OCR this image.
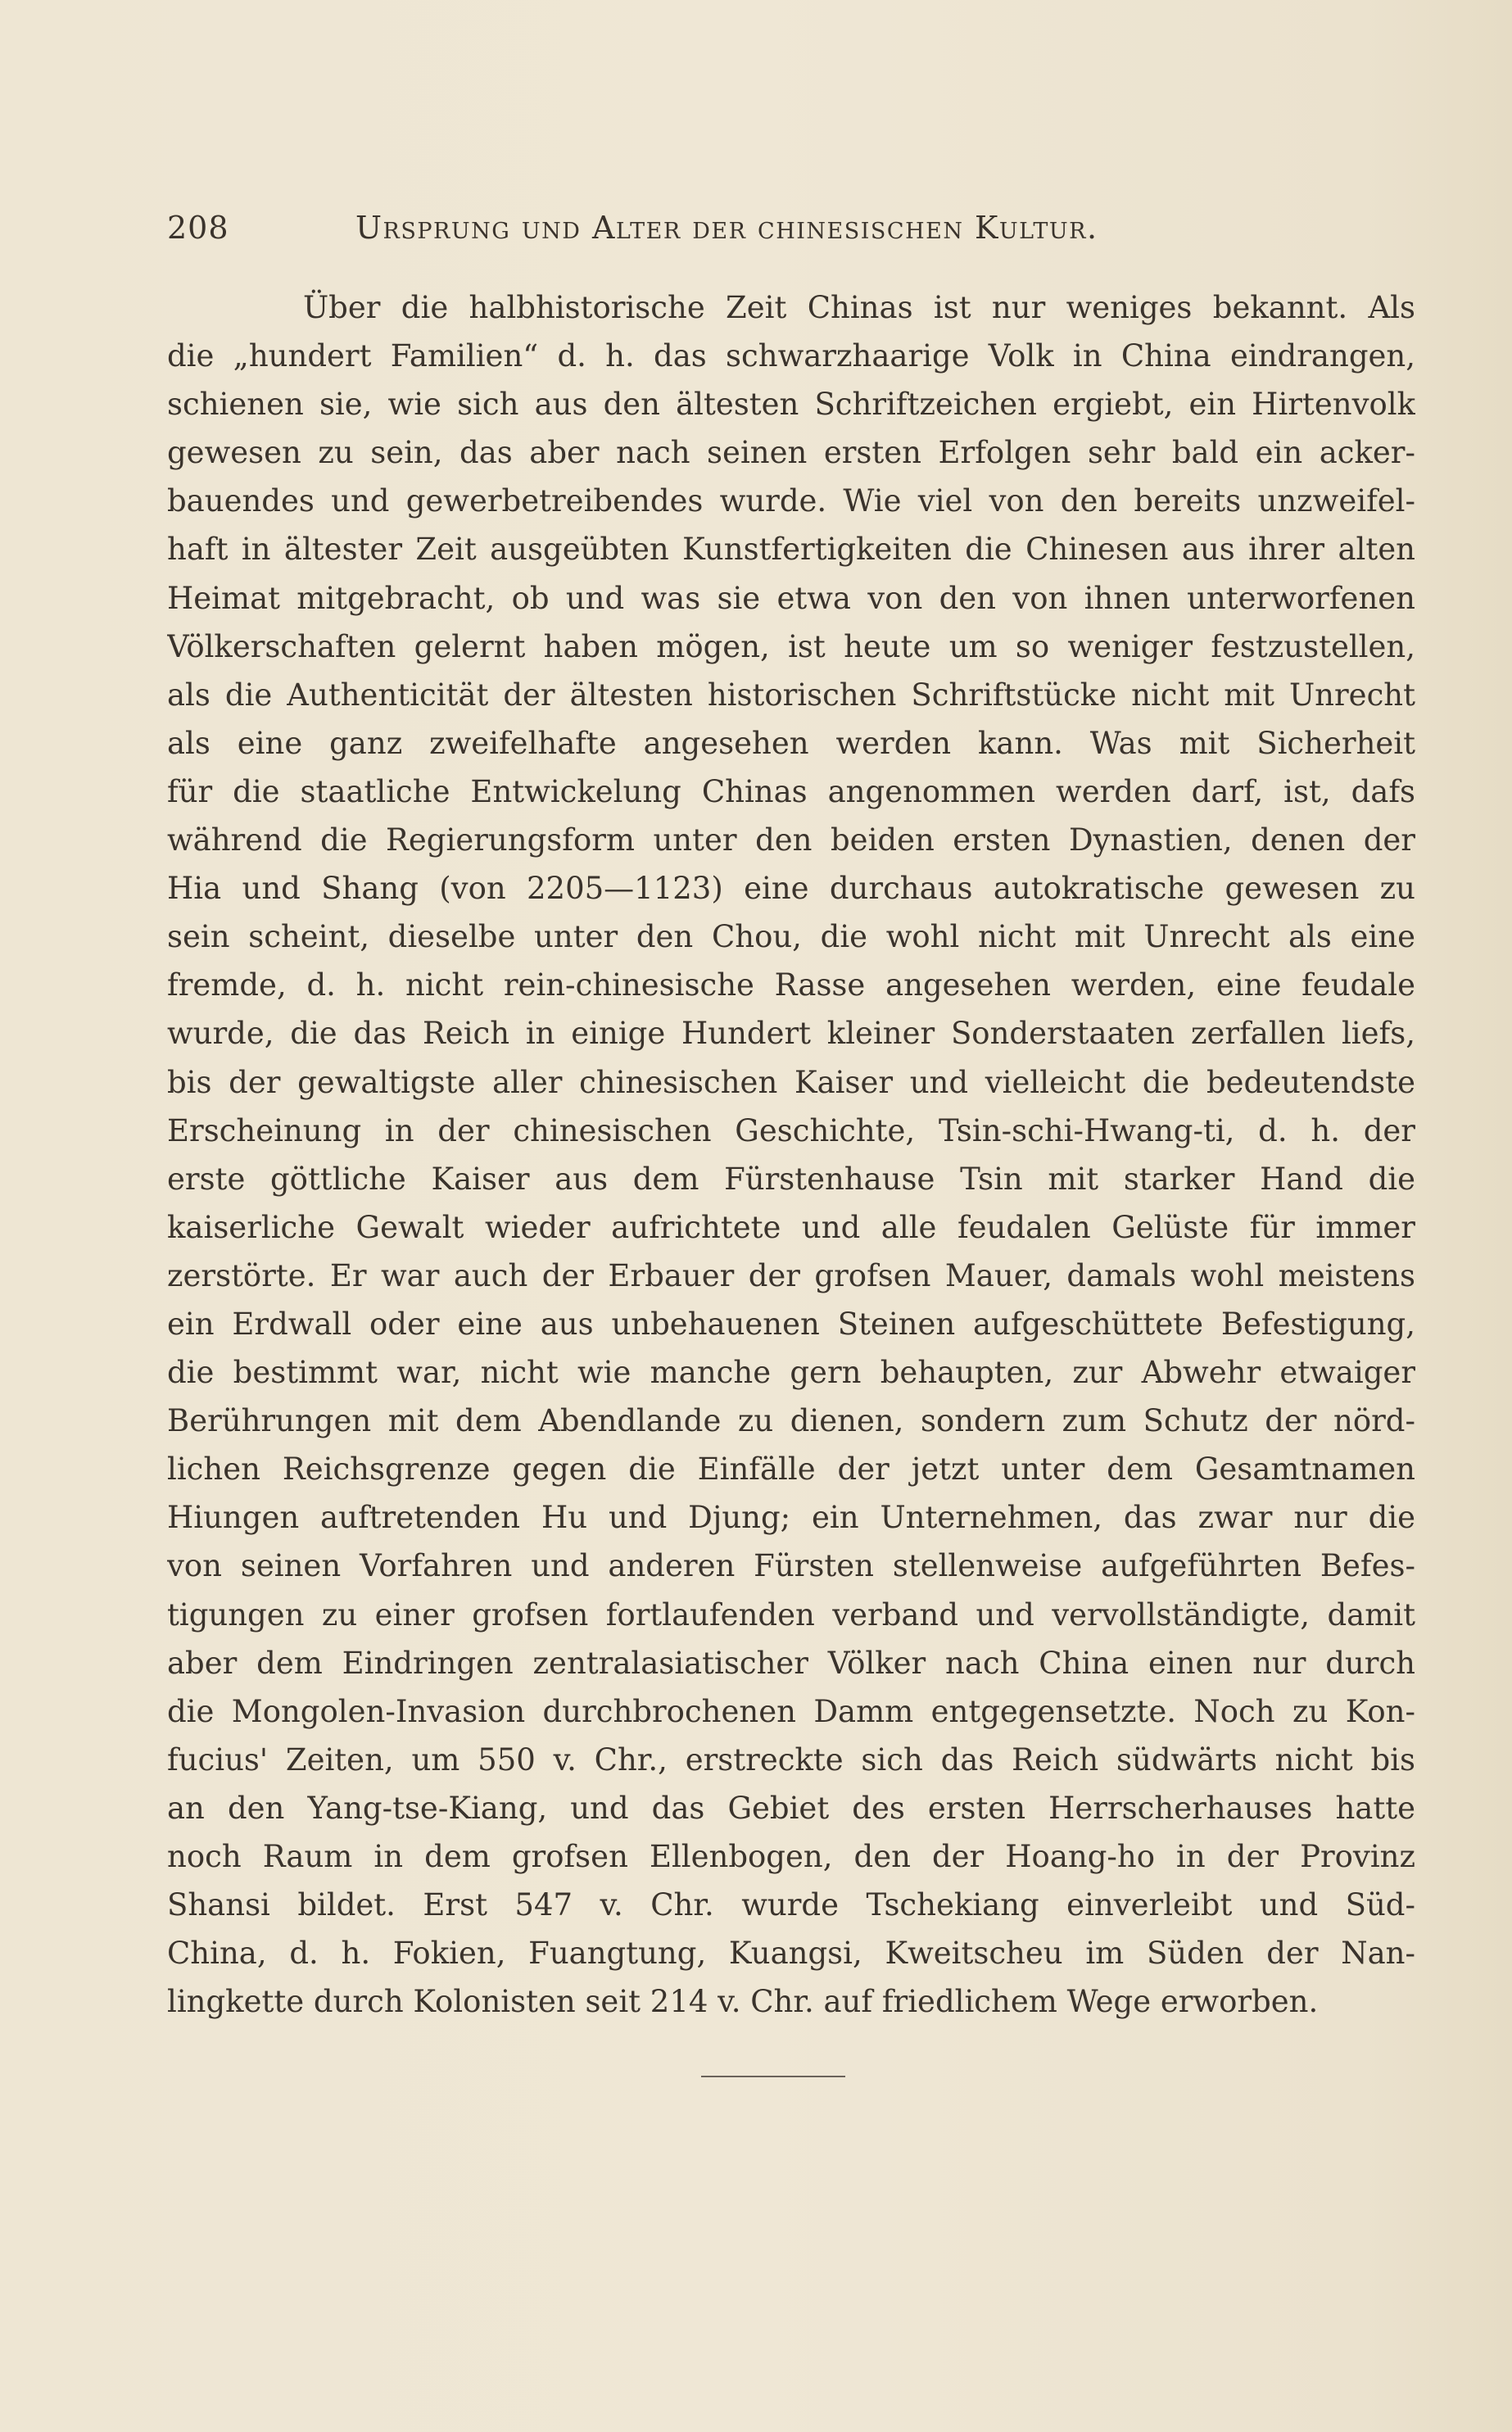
208	Ursprung und Alter der chinesischen Kultur.
Über die halbhistorische Zeit Chinas ist nur weniges bekannt. Als
die „hundert Familien“ d. h. das schwarzhaarige Volk in China eindrangen,
schienen sie, wie sich aus den ältesten Schriftzeichen ergiebt, ein Hirtenvolk
gewesen zu sein, das aber nach seinen ersten Erfolgen sehr bald ein acker-
bauendes und gewerbetreibendes wurde. Wie viel von den bereits unzweifel-
haft in ältester Zeit ausgeübten Kunstfertigkeiten die Chinesen aus ihrer alten
Heimat mitgebracht, ob und was sie etwa von den von ihnen unterworfenen
Völkerschaften gelernt haben mögen, ist heute um so weniger festzustellen,
als die Authenticität der ältesten historischen Schriftstücke nicht mit Unrecht
als eine ganz zweifelhafte angesehen werden kann. Was mit Sicherheit
für die staatliche Entwickelung Chinas angenommen werden darf, ist, dafs
während die Regierungsform unter den beiden ersten Dynastien, denen der
Hia und Shang (von 2205—1123) eine durchaus autokratische gewesen zu
sein scheint, dieselbe unter den Chou, die wohl nicht mit Unrecht als eine
fremde, d. h. nicht rein-chinesische Rasse angesehen werden, eine feudale
wurde, die das Reich in einige Hundert kleiner Sonderstaaten zerfallen liefs,
bis der gewaltigste aller chinesischen Kaiser und vielleicht die bedeutendste
Erscheinung in der chinesischen Geschichte, Tsin-schi-Hwang-ti, d. h. der
erste göttliche Kaiser aus dem Fürstenhause Tsin mit starker Hand die
kaiserliche Gewalt wieder aufrichtete und alle feudalen Gelüste für immer
zerstörte. Er war auch der Erbauer der grofsen Mauer, damals wohl meistens
ein Erdwall oder eine aus unbehauenen Steinen aufgeschüttete Befestigung,
die bestimmt war, nicht wie manche gern behaupten, zur Abwehr etwaiger
Berührungen mit dem Abendlande zu dienen, sondern zum Schutz der nörd-
lichen Reichsgrenze gegen die Einfälle der jetzt unter dem Gesamtnamen
Hiungen auftretenden Hu und Djung; ein Unternehmen, das zwar nur die
von seinen Vorfahren und anderen Fürsten stellenweise aufgeführten Befes-
tigungen zu einer grofsen fortlaufenden verband und vervollständigte, damit
aber dem Eindringen zentralasiatischer Völker nach China einen nur durch
die Mongolen-Invasion durchbrochenen Damm entgegensetzte. Noch zu Kon-
fucius' Zeiten, um 550 v. Chr., erstreckte sich das Reich südwärts nicht bis
an den Yang-tse-Kiang, und das Gebiet des ersten Herrscherhauses hatte
noch Raum in dem grofsen Ellenbogen, den der Hoang-ho in der Provinz
Shansi bildet. Erst 547 v. Chr. wurde Tschekiang einverleibt und Süd-
China, d. h. Fokien, Fuangtung, Kuangsi, Kweitscheu im Süden der Nan-
lingkette durch Kolonisten seit 214 v. Chr. auf friedlichem Wege erworben.
